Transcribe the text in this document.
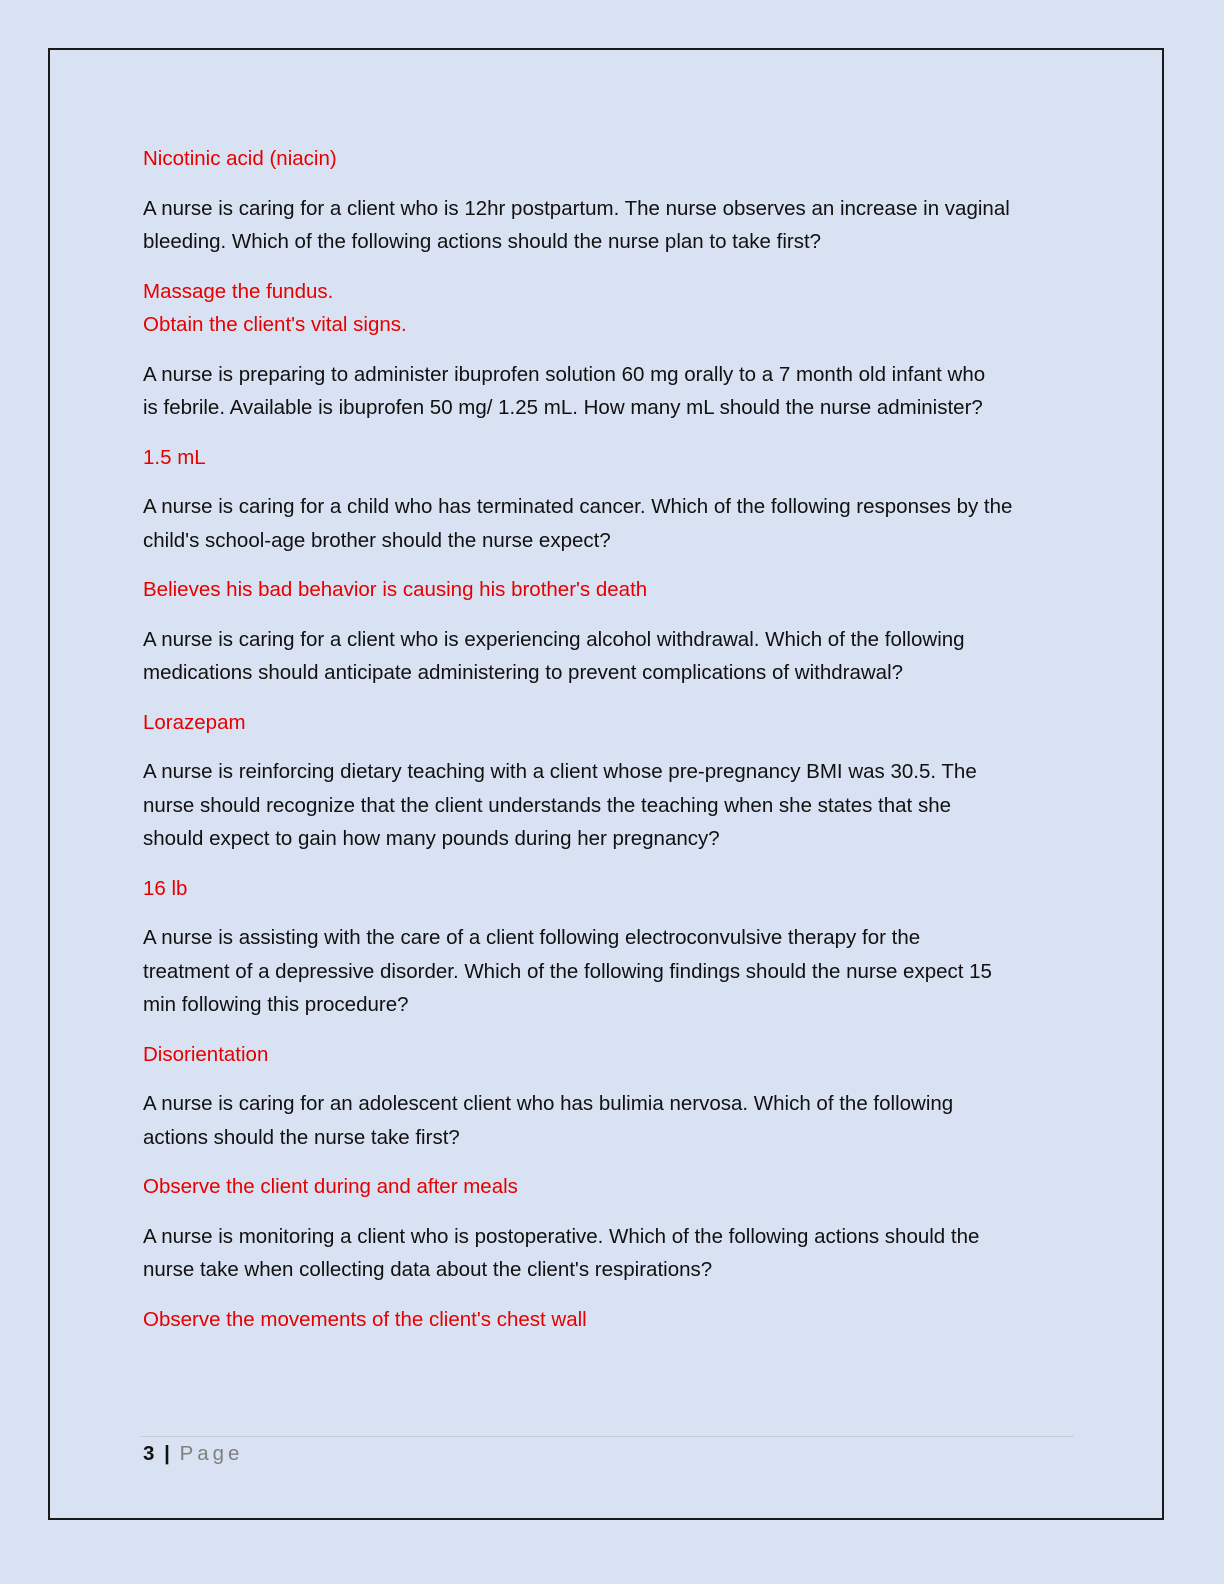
Nicotinic acid (niacin)

A nurse is caring for a client who is 12hr postpartum. The nurse observes an increase in vaginal
bleeding. Which of the following actions should the nurse plan to take first?

Massage the fundus.
Obtain the client's vital signs.

A nurse is preparing to administer ibuprofen solution 60 mg orally to a 7 month old infant who
is febrile. Available is ibuprofen 50 mg/ 1.25 mL. How many mL should the nurse administer?

1.5 mL

A nurse is caring for a child who has terminated cancer. Which of the following responses by the
child's school-age brother should the nurse expect?

Believes his bad behavior is causing his brother's death

A nurse is caring for a client who is experiencing alcohol withdrawal. Which of the following
medications should anticipate administering to prevent complications of withdrawal?

Lorazepam

A nurse is reinforcing dietary teaching with a client whose pre-pregnancy BMI was 30.5. The
nurse should recognize that the client understands the teaching when she states that she
should expect to gain how many pounds during her pregnancy?

16 lb

A nurse is assisting with the care of a client following electroconvulsive therapy for the
treatment of a depressive disorder. Which of the following findings should the nurse expect 15
min following this procedure?

Disorientation

A nurse is caring for an adolescent client who has bulimia nervosa. Which of the following
actions should the nurse take first?

Observe the client during and after meals

A nurse is monitoring a client who is postoperative. Which of the following actions should the
nurse take when collecting data about the client's respirations?

Observe the movements of the client's chest wall

3 | Page
